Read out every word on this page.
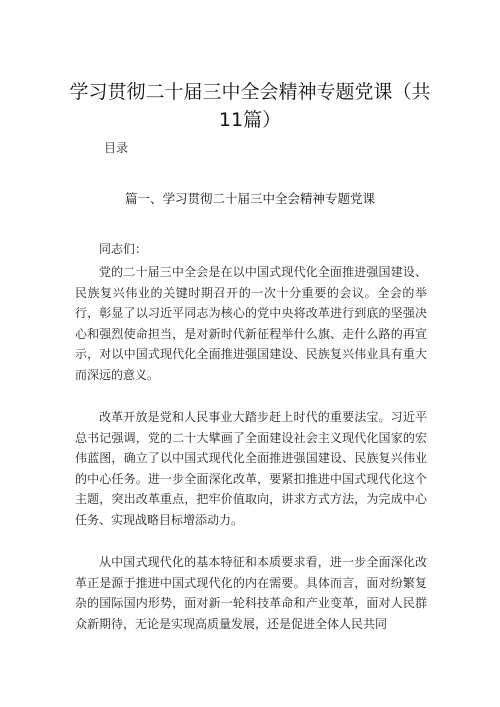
学习贯彻二十届三中全会精神专题党课（共11篇）
目录
篇一、学习贯彻二十届三中全会精神专题党课
同志们：

党的二十届三中全会是在以中国式现代化全面推进强国建设、民族复兴伟业的关键时期召开的一次十分重要的会议。全会的举行，彰显了以习近平同志为核心的党中央将改革进行到底的坚强决心和强烈使命担当，是对新时代新征程举什么旗、走什么路的再宣示，对以中国式现代化全面推进强国建设、民族复兴伟业具有重大而深远的意义。

改革开放是党和人民事业大踏步赶上时代的重要法宝。习近平总书记强调，党的二十大擘画了全面建设社会主义现代化国家的宏伟蓝图，确立了以中国式现代化全面推进强国建设、民族复兴伟业的中心任务。进一步全面深化改革，要紧扣推进中国式现代化这个主题，突出改革重点，把牢价值取向，讲求方式方法，为完成中心任务、实现战略目标增添动力。

从中国式现代化的基本特征和本质要求看，进一步全面深化改革正是源于推进中国式现代化的内在需要。具体而言，面对纷繁复杂的国际国内形势，面对新一轮科技革命和产业变革，面对人民群众新期待，无论是实现高质量发展，还是促进全体人民共同
